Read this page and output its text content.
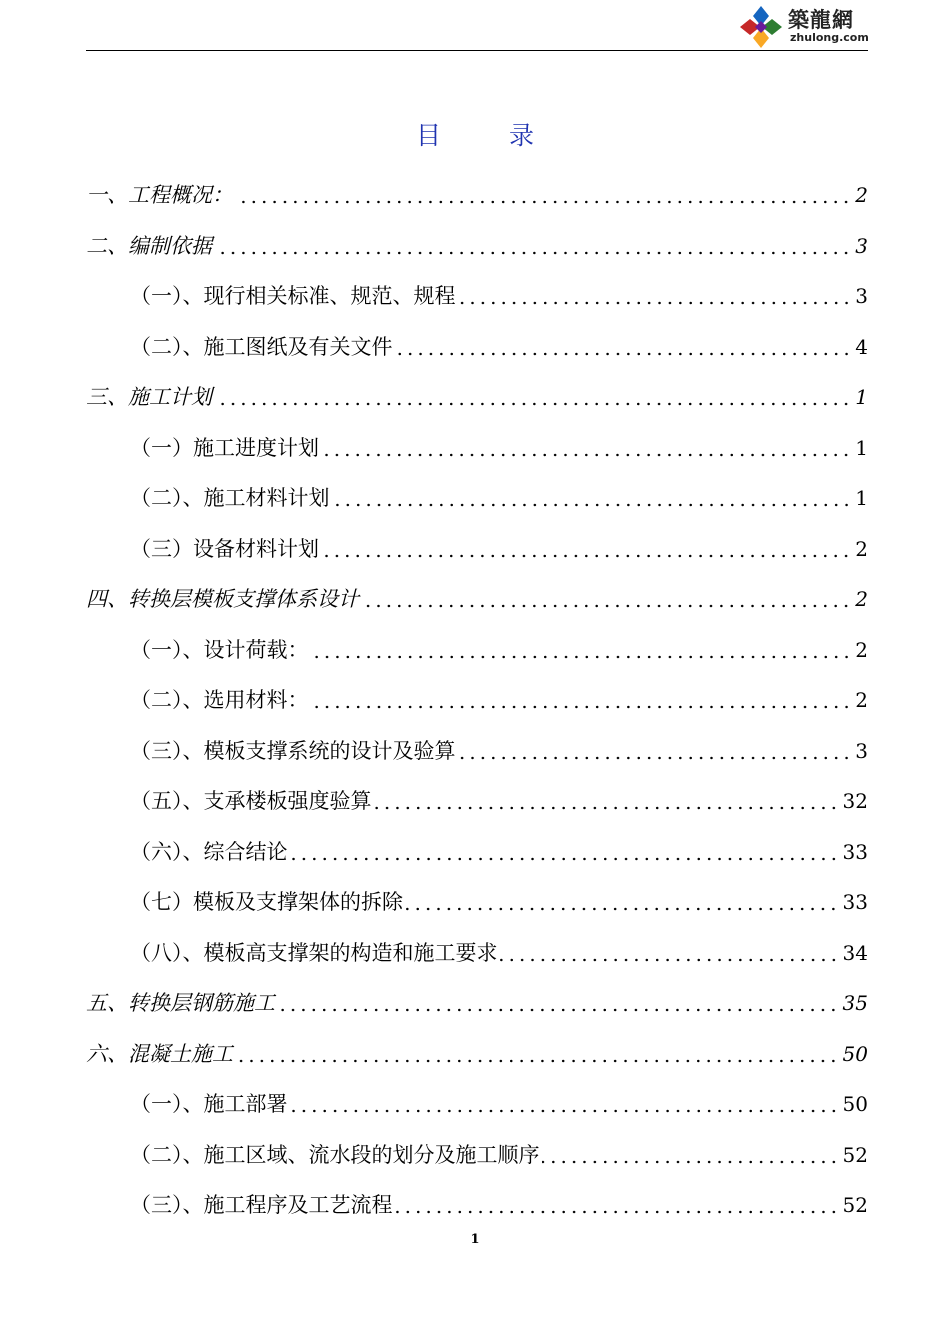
築龍網
zhulong.com
目 录
一、工程概况：	2
二、编制依据	3
（一）、现行相关标准、规范、规程	3
（二）、施工图纸及有关文件	4
三、施工计划	1
（一）施工进度计划	1
（二）、施工材料计划	1
（三）设备材料计划	2
四、转换层模板支撑体系设计	2
（一）、设计荷载：	2
（二）、选用材料：	2
（三）、模板支撑系统的设计及验算	3
（五）、支承楼板强度验算	32
（六）、综合结论	33
（七）模板及支撑架体的拆除	33
（八）、模板高支撑架的构造和施工要求	34
五、转换层钢筋施工	35
六、混凝土施工	50
（一）、施工部署	50
（二）、施工区域、流水段的划分及施工顺序	52
（三）、施工程序及工艺流程	52
1
